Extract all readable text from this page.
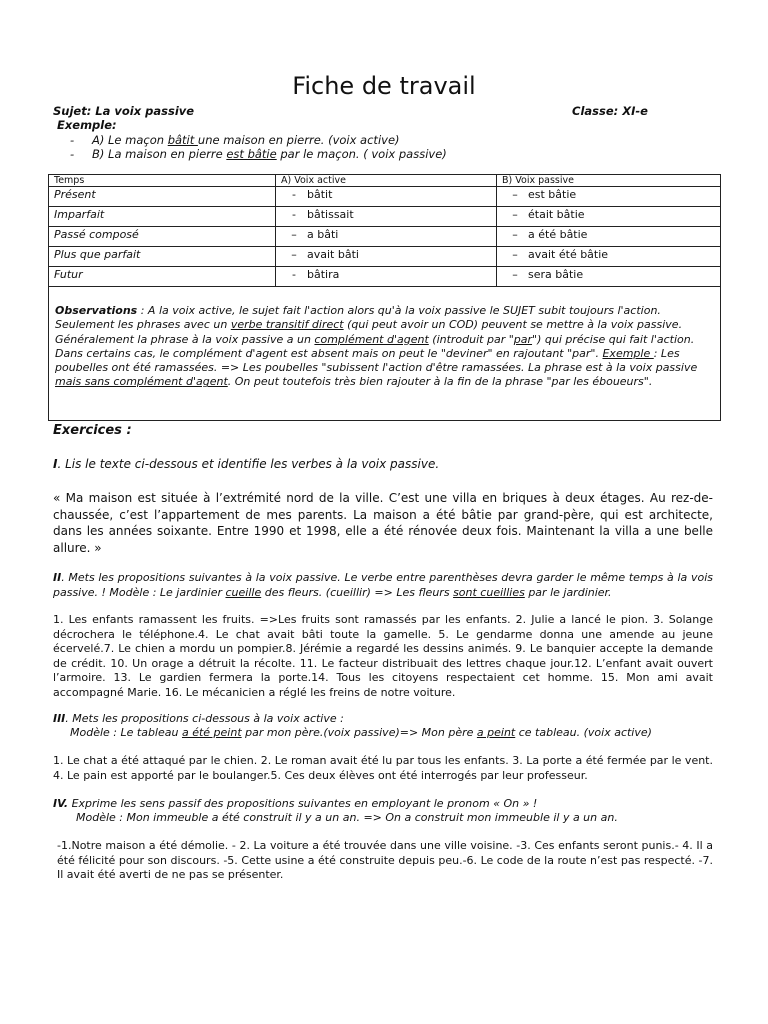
Fiche de travail
Sujet: La voix passive	Classe: XI-e
Exemple:
- A) Le maçon bâtit une maison en pierre. (voix active)
- B) La maison en pierre est bâtie par le maçon. ( voix passive)
Temps	A) Voix active	B) Voix passive
Présent	- bâtit	– est bâtie
Imparfait	- bâtissait	– était bâtie
Passé composé	– a bâti	– a été bâtie
Plus que parfait	– avait bâti	– avait été bâtie
Futur	- bâtira	– sera bâtie
Observations : A la voix active, le sujet fait l'action alors qu'à la voix passive le SUJET subit toujours l'action. Seulement les phrases avec un verbe transitif direct (qui peut avoir un COD) peuvent se mettre à la voix passive. Généralement la phrase à la voix passive a un complément d'agent (introduit par "par") qui précise qui fait l'action. Dans certains cas, le complément d'agent est absent mais on peut le "deviner" en rajoutant "par". Exemple : Les poubelles ont été ramassées. => Les poubelles "subissent l'action d'être ramassées. La phrase est à la voix passive mais sans complément d'agent. On peut toutefois très bien rajouter à la fin de la phrase "par les éboueurs".
Exercices :
I. Lis le texte ci-dessous et identifie les verbes à la voix passive.
« Ma maison est située à l’extrémité nord de la ville. C’est une villa en briques à deux étages. Au rez-de-chaussée, c’est l’appartement de mes parents. La maison a été bâtie par grand-père, qui est architecte, dans les années soixante. Entre 1990 et 1998, elle a été rénovée deux fois. Maintenant la villa a une belle allure. »
II. Mets les propositions suivantes à la voix passive. Le verbe entre parenthèses devra garder le même temps à la vois passive. ! Modèle : Le jardinier cueille des fleurs. (cueillir) => Les fleurs sont cueillies par le jardinier.
1. Les enfants ramassent les fruits. =>Les fruits sont ramassés par les enfants. 2. Julie a lancé le pion. 3. Solange décrochera le téléphone.4. Le chat avait bâti toute la gamelle. 5. Le gendarme donna une amende au jeune écervelé.7. Le chien a mordu un pompier.8. Jérémie a regardé les dessins animés. 9. Le banquier accepte la demande de crédit. 10. Un orage a détruit la récolte. 11. Le facteur distribuait des lettres chaque jour.12. L’enfant avait ouvert l’armoire. 13. Le gardien fermera la porte.14. Tous les citoyens respectaient cet homme. 15. Mon ami avait accompagné Marie. 16. Le mécanicien a réglé les freins de notre voiture.
III. Mets les propositions ci-dessous à la voix active :
Modèle : Le tableau a été peint par mon père.(voix passive)=> Mon père a peint ce tableau. (voix active)
1. Le chat a été attaqué par le chien. 2. Le roman avait été lu par tous les enfants. 3. La porte a été fermée par le vent. 4. Le pain est apporté par le boulanger.5. Ces deux élèves ont été interrogés par leur professeur.
IV. Exprime les sens passif des propositions suivantes en employant le pronom « On » !
Modèle : Mon immeuble a été construit il y a un an. => On a construit mon immeuble il y a un an.
-1.Notre maison a été démolie. - 2. La voiture a été trouvée dans une ville voisine. -3. Ces enfants seront punis.- 4. Il a été félicité pour son discours. -5. Cette usine a été construite depuis peu.-6. Le code de la route n’est pas respecté. -7. Il avait été averti de ne pas se présenter.
